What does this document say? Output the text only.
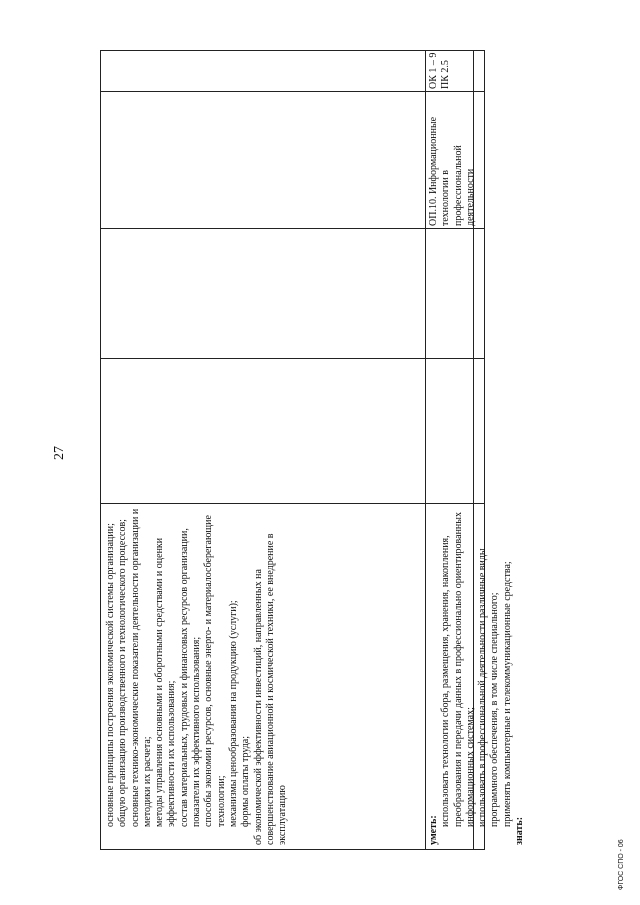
27

основные принципы построения экономической системы организации; общую организацию производственного и технологического процессов; основные технико-экономические показатели деятельности организации и методики их расчета; методы управления основными и оборотными средствами и оценки эффективности их использования; состав материальных, трудовых и финансовых ресурсов организации, показатели их эффективного использования; способы экономии ресурсов, основные энерго- и материалосберегающие технологии; механизмы ценообразования на продукцию (услуги); формы оплаты труда; об экономической эффективности инвестиций, направленных на совершенствование авиационной и космической техники, ее внедрение в эксплуатацию	уметь:

использовать технологии сбора, размещения, хранения, накопления, преобразования и передачи данных в профессионально ориентированных информационных системах; использовать в профессиональной деятельности различные виды программного обеспечения, в том числе специального; применять компьютерные и телекоммуникационные средства;

знать:

ОП.10. Информационные технологии в профессиональной деятельности
ОК 1 – 9 ПК 2.5
ФГОС СПО - 06
